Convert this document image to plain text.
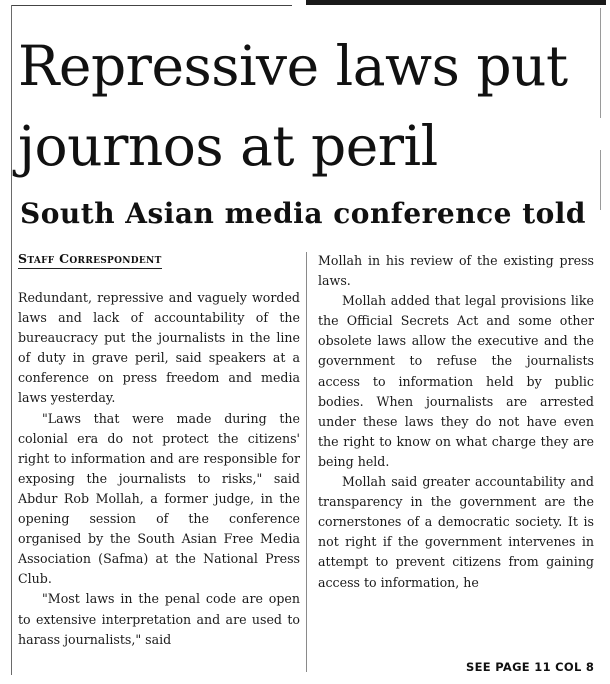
Repressive laws put
journos at peril
South Asian media conference told
Staff Correspondent

Redundant, repressive and vaguely worded laws and lack of accountability of the bureaucracy put the journalists in the line of duty in grave peril, said speakers at a conference on press freedom and media laws yesterday.

"Laws that were made during the colonial era do not protect the citizens' right to information and are responsible for exposing the journalists to risks," said Abdur Rob Mollah, a former judge, in the opening session of the conference organised by the South Asian Free Media Association (Safma) at the National Press Club.

"Most laws in the penal code are open to extensive interpretation and are used to harass journalists," said

Mollah in his review of the existing press laws.

Mollah added that legal provisions like the Official Secrets Act and some other obsolete laws allow the executive and the government to refuse the journalists access to information held by public bodies. When journalists are arrested under these laws they do not have even the right to know on what charge they are being held.

Mollah said greater accountability and transparency in the government are the cornerstones of a democratic society. It is not right if the government intervenes in attempt to prevent citizens from gaining access to information, he

SEE PAGE 11 COL 8
